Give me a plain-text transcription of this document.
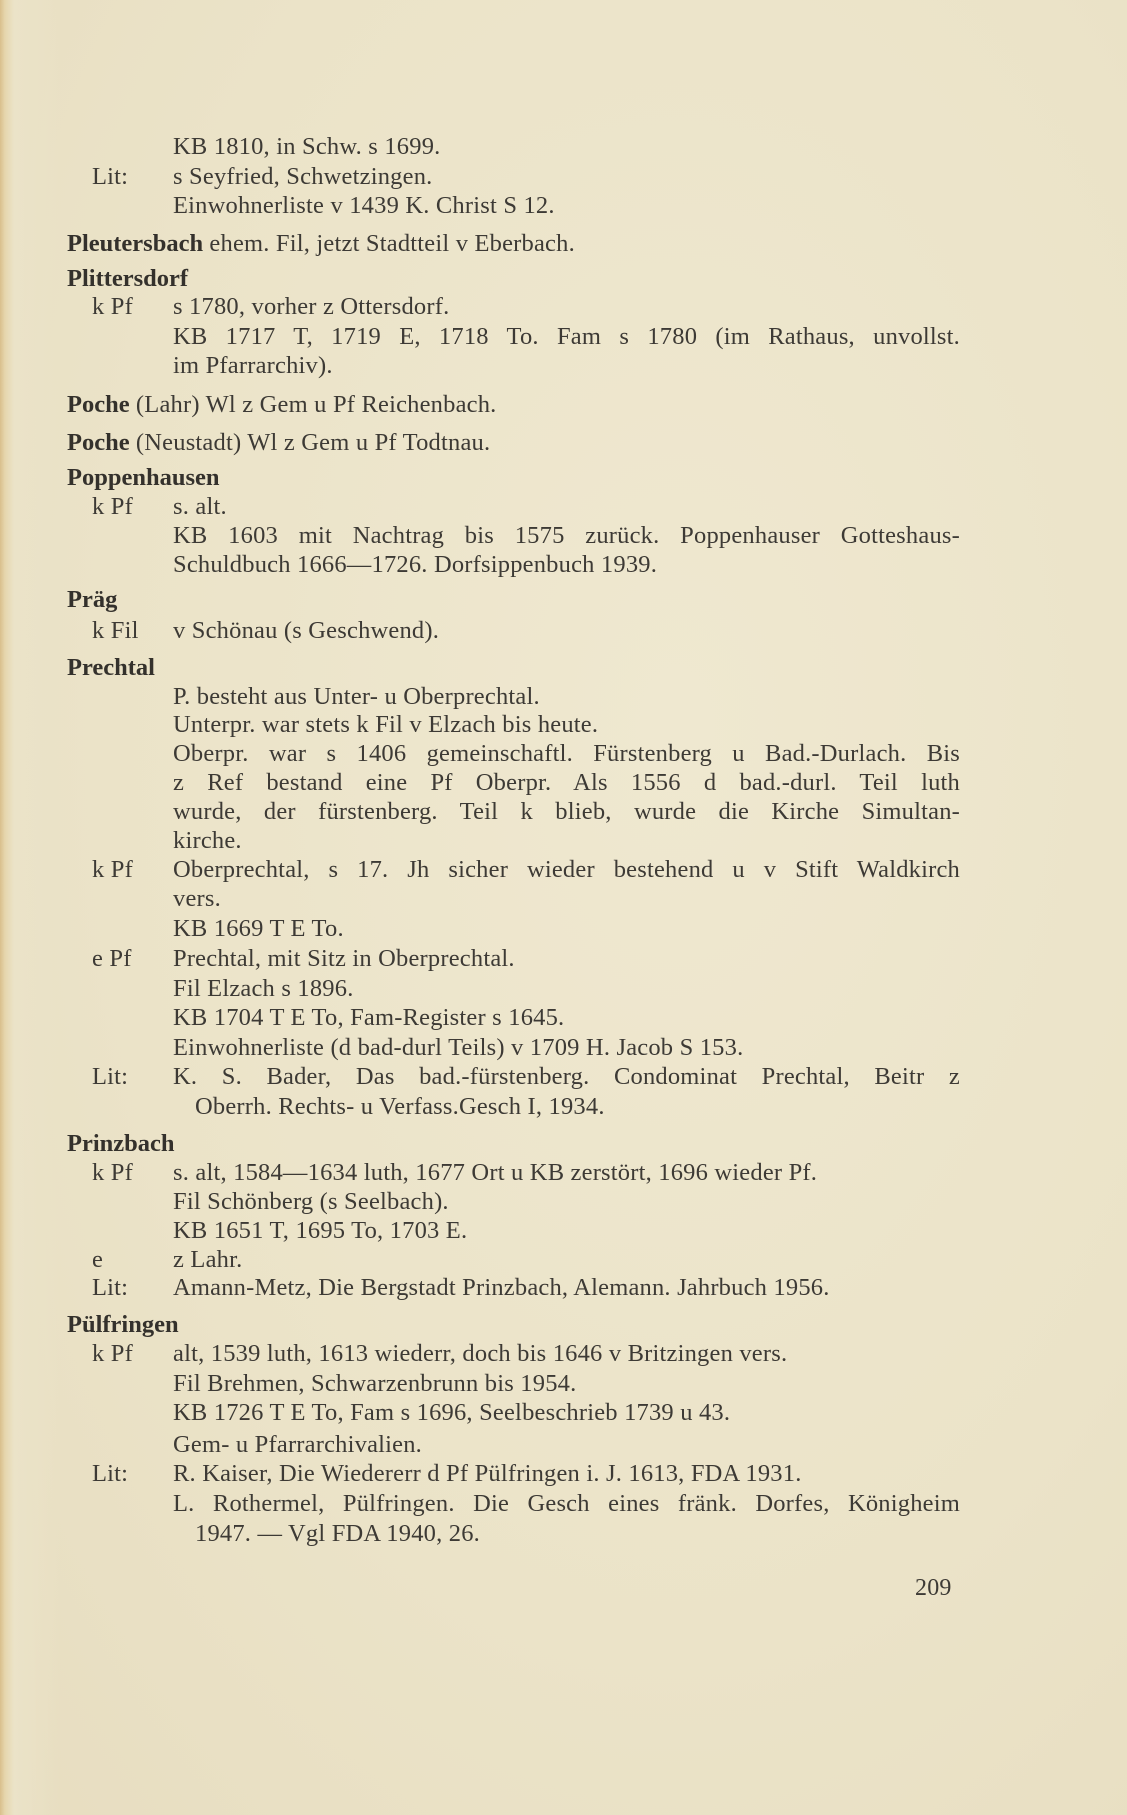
KB 1810, in Schw. s 1699.
Lit: s Seyfried, Schwetzingen.
Einwohnerliste v 1439 K. Christ S 12.
Pleutersbach ehem. Fil, jetzt Stadtteil v Eberbach.
Plittersdorf
k Pf s 1780, vorher z Ottersdorf.
KB 1717 T, 1719 E, 1718 To. Fam s 1780 (im Rathaus, unvollst.
im Pfarrarchiv).
Poche (Lahr) Wl z Gem u Pf Reichenbach.
Poche (Neustadt) Wl z Gem u Pf Todtnau.
Poppenhausen
k Pf s. alt.
KB 1603 mit Nachtrag bis 1575 zurück. Poppenhauser Gotteshaus-
Schuldbuch 1666—1726. Dorfsippenbuch 1939.
Präg
k Fil v Schönau (s Geschwend).
Prechtal
P. besteht aus Unter- u Oberprechtal.
Unterpr. war stets k Fil v Elzach bis heute.
Oberpr. war s 1406 gemeinschaftl. Fürstenberg u Bad.-Durlach. Bis
z Ref bestand eine Pf Oberpr. Als 1556 d bad.-durl. Teil luth
wurde, der fürstenberg. Teil k blieb, wurde die Kirche Simultan-
kirche.
k Pf Oberprechtal, s 17. Jh sicher wieder bestehend u v Stift Waldkirch
vers.
KB 1669 T E To.
e Pf Prechtal, mit Sitz in Oberprechtal.
Fil Elzach s 1896.
KB 1704 T E To, Fam-Register s 1645.
Einwohnerliste (d bad-durl Teils) v 1709 H. Jacob S 153.
Lit: K. S. Bader, Das bad.-fürstenberg. Condominat Prechtal, Beitr z
Oberrh. Rechts- u Verfass.Gesch I, 1934.
Prinzbach
k Pf s. alt, 1584—1634 luth, 1677 Ort u KB zerstört, 1696 wieder Pf.
Fil Schönberg (s Seelbach).
KB 1651 T, 1695 To, 1703 E.
e	z Lahr.
Lit: Amann-Metz, Die Bergstadt Prinzbach, Alemann. Jahrbuch 1956.
Pülfringen
k Pf alt, 1539 luth, 1613 wiederr, doch bis 1646 v Britzingen vers.
Fil Brehmen, Schwarzenbrunn bis 1954.
KB 1726 T E To, Fam s 1696, Seelbeschrieb 1739 u 43.
Gem- u Pfarrarchivalien.
Lit: R. Kaiser, Die Wiedererr d Pf Pülfringen i. J. 1613, FDA 1931.
L. Rothermel, Pülfringen. Die Gesch eines fränk. Dorfes, Königheim
1947. — Vgl FDA 1940, 26.
209
